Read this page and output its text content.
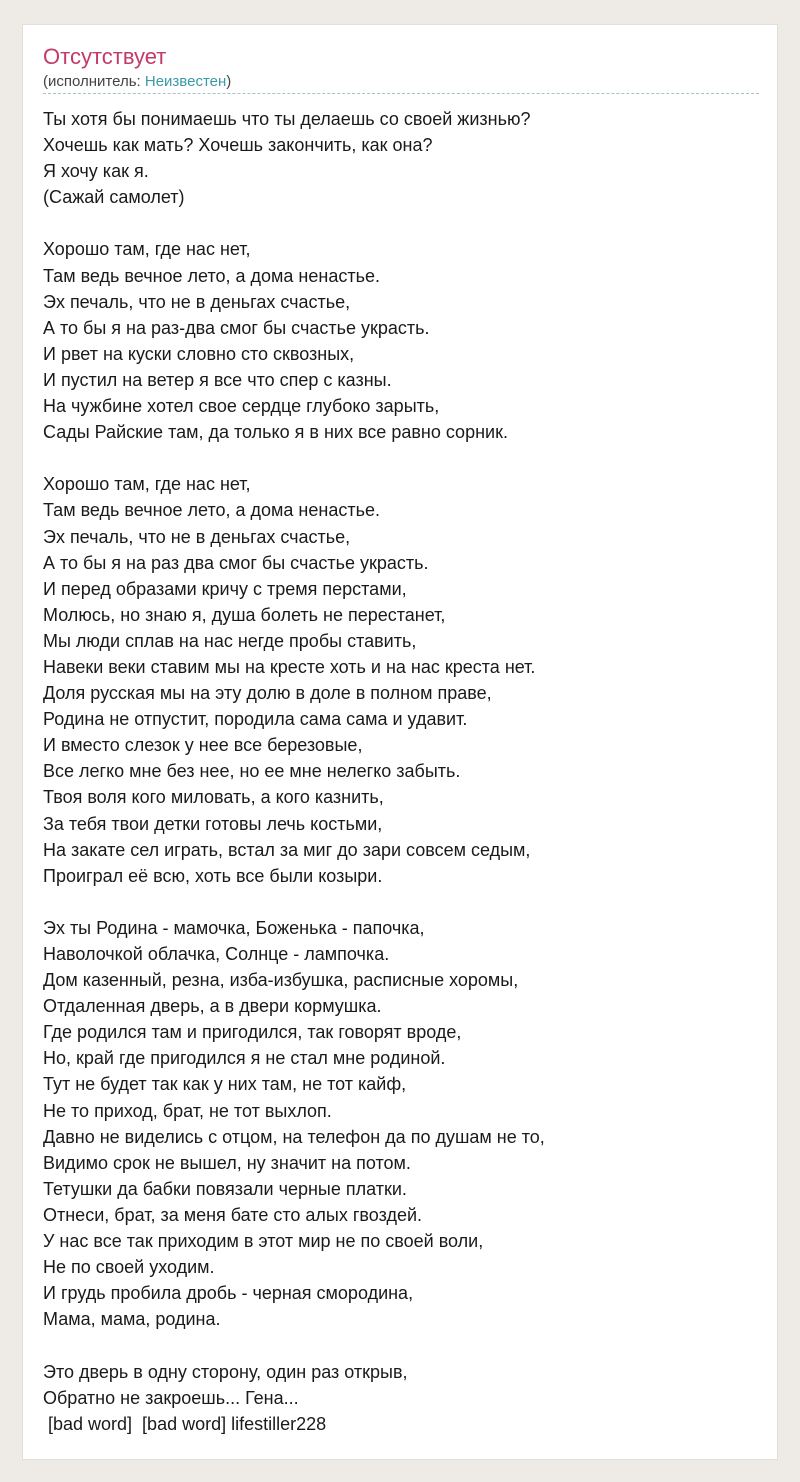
Отсутствует
(исполнитель: Неизвестен)
Ты хотя бы понимаешь что ты делаешь со своей жизнью?
Хочешь как мать? Хочешь закончить, как она?
Я хочу как я.
(Сажай самолет)
Хорошо там, где нас нет,
Там ведь вечное лето, а дома ненастье.
Эх печаль, что не в деньгах счастье,
А то бы я на раз-два смог бы счастье украсть.
И рвет на куски словно сто сквозных,
И пустил на ветер я все что спер с казны.
На чужбине хотел свое сердце глубоко зарыть,
Сады Райские там, да только я в них все равно сорник.
Хорошо там, где нас нет,
Там ведь вечное лето, а дома ненастье.
Эх печаль, что не в деньгах счастье,
А то бы я на раз два смог бы счастье украсть.
И перед образами кричу с тремя перстами,
Молюсь, но знаю я, душа болеть не перестанет,
Мы люди сплав на нас негде пробы ставить,
Навеки веки ставим мы на кресте хоть и на нас креста нет.
Доля русская мы на эту долю в доле в полном праве,
Родина не отпустит, породила сама сама и удавит.
И вместо слезок у нее все березовые,
Все легко мне без нее, но ее мне нелегко забыть.
Твоя воля кого миловать, а кого казнить,
За тебя твои детки готовы лечь костьми,
На закате сел играть, встал за миг до зари совсем седым,
Проиграл её всю, хоть все были козыри.
Эх ты Родина - мамочка, Боженька - папочка,
Наволочкой облачка, Солнце - лампочка.
Дом казенный, резна, изба-избушка, расписные хоромы,
Отдаленная дверь, а в двери кормушка.
Где родился там и пригодился, так говорят вроде,
Но, край где пригодился я не стал мне родиной.
Тут не будет так как у них там, не тот кайф,
Не то приход, брат, не тот выхлоп.
Давно не виделись с отцом, на телефон да по душам не то,
Видимо срок не вышел, ну значит на потом.
Тетушки да бабки повязали черные платки.
Отнеси, брат, за меня бате сто алых гвоздей.
У нас все так приходим в этот мир не по своей воли,
Не по своей уходим.
И грудь пробила дробь - черная смородина,
Мама, мама, родина.
Это дверь в одну сторону, один раз открыв,
Обратно не закроешь... Гена...
[bad word]  [bad word] lifestiller228
